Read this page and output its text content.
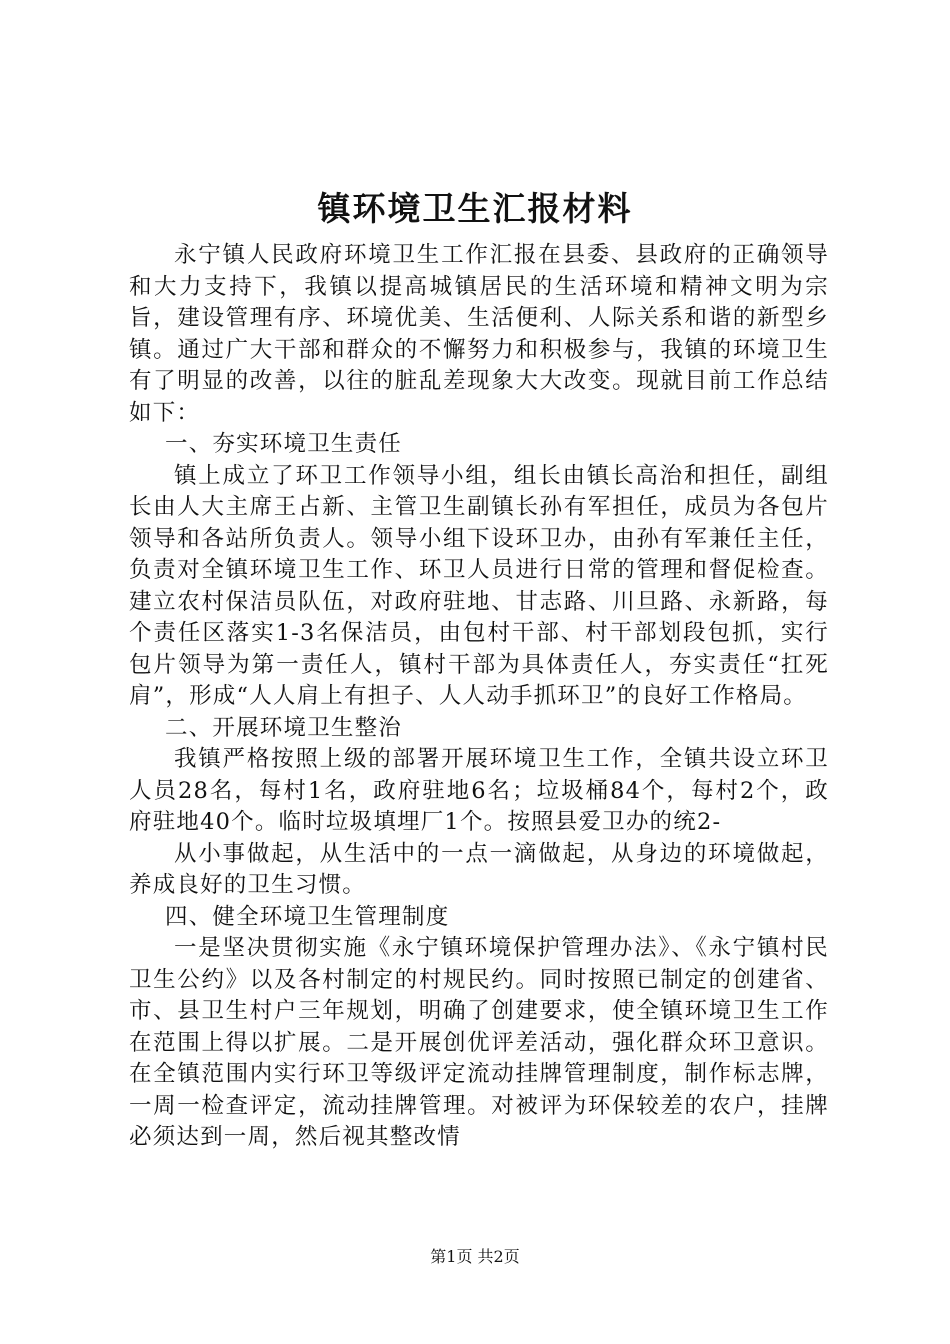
镇环境卫生汇报材料

永宁镇人民政府环境卫生工作汇报在县委、县政府的正确领导和大力支持下，我镇以提高城镇居民的生活环境和精神文明为宗旨，建设管理有序、环境优美、生活便利、人际关系和谐的新型乡镇。通过广大干部和群众的不懈努力和积极参与，我镇的环境卫生有了明显的改善，以往的脏乱差现象大大改变。现就目前工作总结如下：

一、夯实环境卫生责任

镇上成立了环卫工作领导小组，组长由镇长高治和担任，副组长由人大主席王占新、主管卫生副镇长孙有军担任，成员为各包片领导和各站所负责人。领导小组下设环卫办，由孙有军兼任主任，负责对全镇环境卫生工作、环卫人员进行日常的管理和督促检查。建立农村保洁员队伍，对政府驻地、甘志路、川旦路、永新路，每个责任区落实1-3名保洁员，由包村干部、村干部划段包抓，实行包片领导为第一责任人，镇村干部为具体责任人，夯实责任“扛死肩”，形成“人人肩上有担子、人人动手抓环卫”的良好工作格局。

二、开展环境卫生整治

我镇严格按照上级的部署开展环境卫生工作，全镇共设立环卫人员28名，每村1名，政府驻地6名；垃圾桶84个，每村2个，政府驻地40个。临时垃圾填埋厂1个。按照县爱卫办的统2-

从小事做起，从生活中的一点一滴做起，从身边的环境做起，养成良好的卫生习惯。

四、健全环境卫生管理制度

一是坚决贯彻实施《永宁镇环境保护管理办法》、《永宁镇村民卫生公约》以及各村制定的村规民约。同时按照已制定的创建省、市、县卫生村户三年规划，明确了创建要求，使全镇环境卫生工作在范围上得以扩展。二是开展创优评差活动，强化群众环卫意识。在全镇范围内实行环卫等级评定流动挂牌管理制度，制作标志牌，一周一检查评定，流动挂牌管理。对被评为环保较差的农户，挂牌必须达到一周，然后视其整改情

第1页 共2页
